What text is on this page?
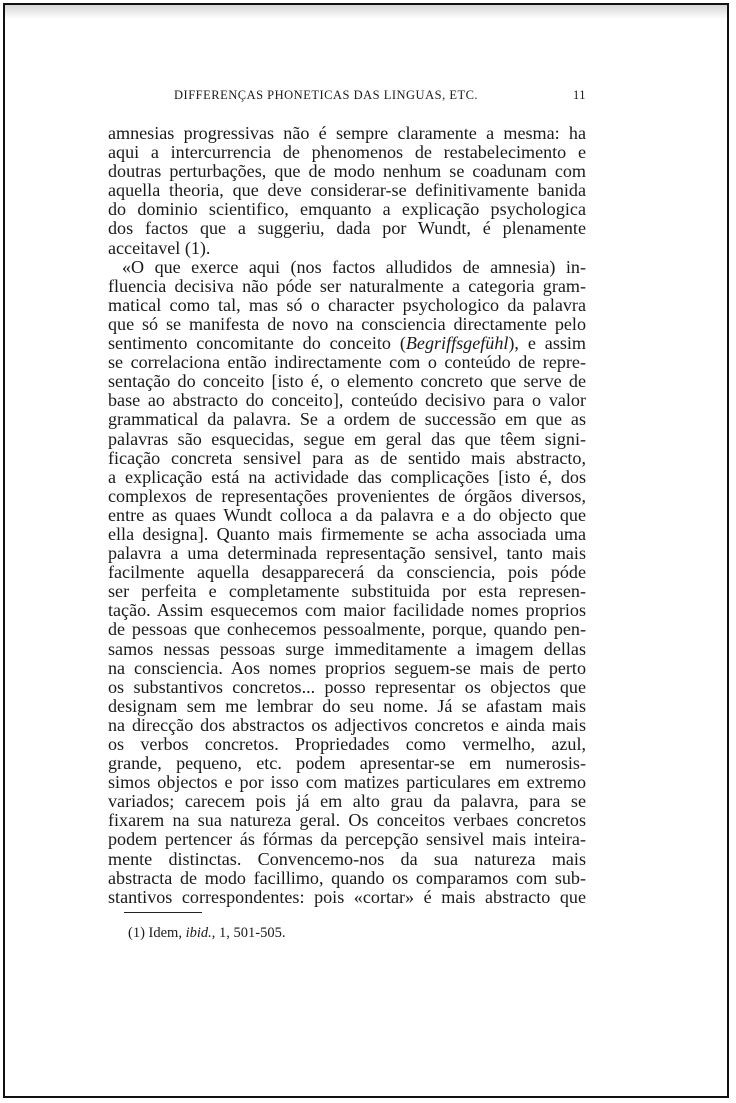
DIFFERENÇAS PHONETICAS DAS LINGUAS, ETC.	11
amnesias progressivas não é sempre claramente a mesma: ha
aqui a intercurrencia de phenomenos de restabelecimento e
doutras perturbações, que de modo nenhum se coadunam com
aquella theoria, que deve considerar-se definitivamente banida
do dominio scientifico, emquanto a explicação psychologica
dos factos que a suggeriu, dada por Wundt, é plenamente
acceitavel (1).
«O que exerce aqui (nos factos alludidos de amnesia) in-
fluencia decisiva não póde ser naturalmente a categoria gram-
matical como tal, mas só o character psychologico da palavra
que só se manifesta de novo na consciencia directamente pelo
sentimento concomitante do conceito (Begriffsgefühl), e assim
se correlaciona então indirectamente com o conteúdo de repre-
sentação do conceito [isto é, o elemento concreto que serve de
base ao abstracto do conceito], conteúdo decisivo para o valor
grammatical da palavra. Se a ordem de successão em que as
palavras são esquecidas, segue em geral das que têem signi-
ficação concreta sensivel para as de sentido mais abstracto,
a explicação está na actividade das complicações [isto é, dos
complexos de representações provenientes de órgãos diversos,
entre as quaes Wundt colloca a da palavra e a do objecto que
ella designa]. Quanto mais firmemente se acha associada uma
palavra a uma determinada representação sensivel, tanto mais
facilmente aquella desapparecerá da consciencia, pois póde
ser perfeita e completamente substituida por esta represen-
tação. Assim esquecemos com maior facilidade nomes proprios
de pessoas que conhecemos pessoalmente, porque, quando pen-
samos nessas pessoas surge immeditamente a imagem dellas
na consciencia. Aos nomes proprios seguem-se mais de perto
os substantivos concretos... posso representar os objectos que
designam sem me lembrar do seu nome. Já se afastam mais
na direcção dos abstractos os adjectivos concretos e ainda mais
os verbos concretos. Propriedades como vermelho, azul,
grande, pequeno, etc. podem apresentar-se em numerosis-
simos objectos e por isso com matizes particulares em extremo
variados; carecem pois já em alto grau da palavra, para se
fixarem na sua natureza geral. Os conceitos verbaes concretos
podem pertencer ás fórmas da percepção sensivel mais inteira-
mente distinctas. Convencemo-nos da sua natureza mais
abstracta de modo facillimo, quando os comparamos com sub-
stantivos correspondentes: pois «cortar» é mais abstracto que
(1) Idem, ibid., 1, 501-505.
